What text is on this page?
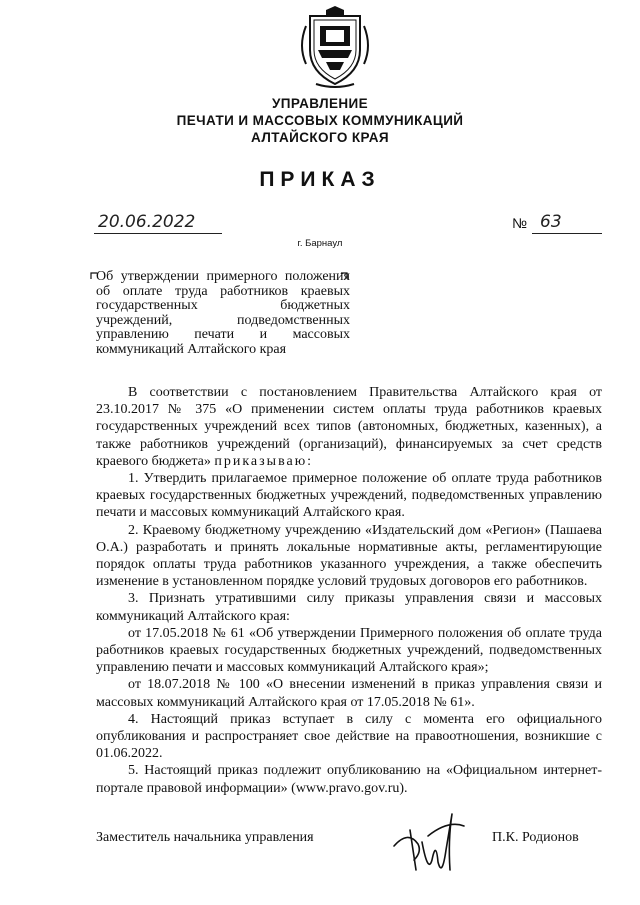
УПРАВЛЕНИЕ
ПЕЧАТИ И МАССОВЫХ КОММУНИКАЦИЙ
АЛТАЙСКОГО КРАЯ
ПРИКАЗ
20.06.2022	№ 63
г. Барнаул
Об утверждении примерного положения об оплате труда работников краевых государственных бюджетных учреждений, подведомственных управлению печати и массовых коммуникаций Алтайского края

В соответствии с постановлением Правительства Алтайского края от 23.10.2017 № 375 «О применении систем оплаты труда работников краевых государственных учреждений всех типов (автономных, бюджетных, казенных), а также работников учреждений (организаций), финансируемых за счет средств краевого бюджета» приказываю:

1. Утвердить прилагаемое примерное положение об оплате труда работников краевых государственных бюджетных учреждений, подведомственных управлению печати и массовых коммуникаций Алтайского края.

2. Краевому бюджетному учреждению «Издательский дом «Регион» (Пашаева О.А.) разработать и принять локальные нормативные акты, регламентирующие порядок оплаты труда работников указанного учреждения, а также обеспечить изменение в установленном порядке условий трудовых договоров его работников.

3. Признать утратившими силу приказы управления связи и массовых коммуникаций Алтайского края:

от 17.05.2018 № 61 «Об утверждении Примерного положения об оплате труда работников краевых государственных бюджетных учреждений, подведомственных управлению печати и массовых коммуникаций Алтайского края»;

от 18.07.2018 № 100 «О внесении изменений в приказ управления связи и массовых коммуникаций Алтайского края от 17.05.2018 № 61».

4. Настоящий приказ вступает в силу с момента его официального опубликования и распространяет свое действие на правоотношения, возникшие с 01.06.2022.

5. Настоящий приказ подлежит опубликованию на «Официальном интернет-портале правовой информации» (www.pravo.gov.ru).

Заместитель начальника управления	П.К. Родионов
